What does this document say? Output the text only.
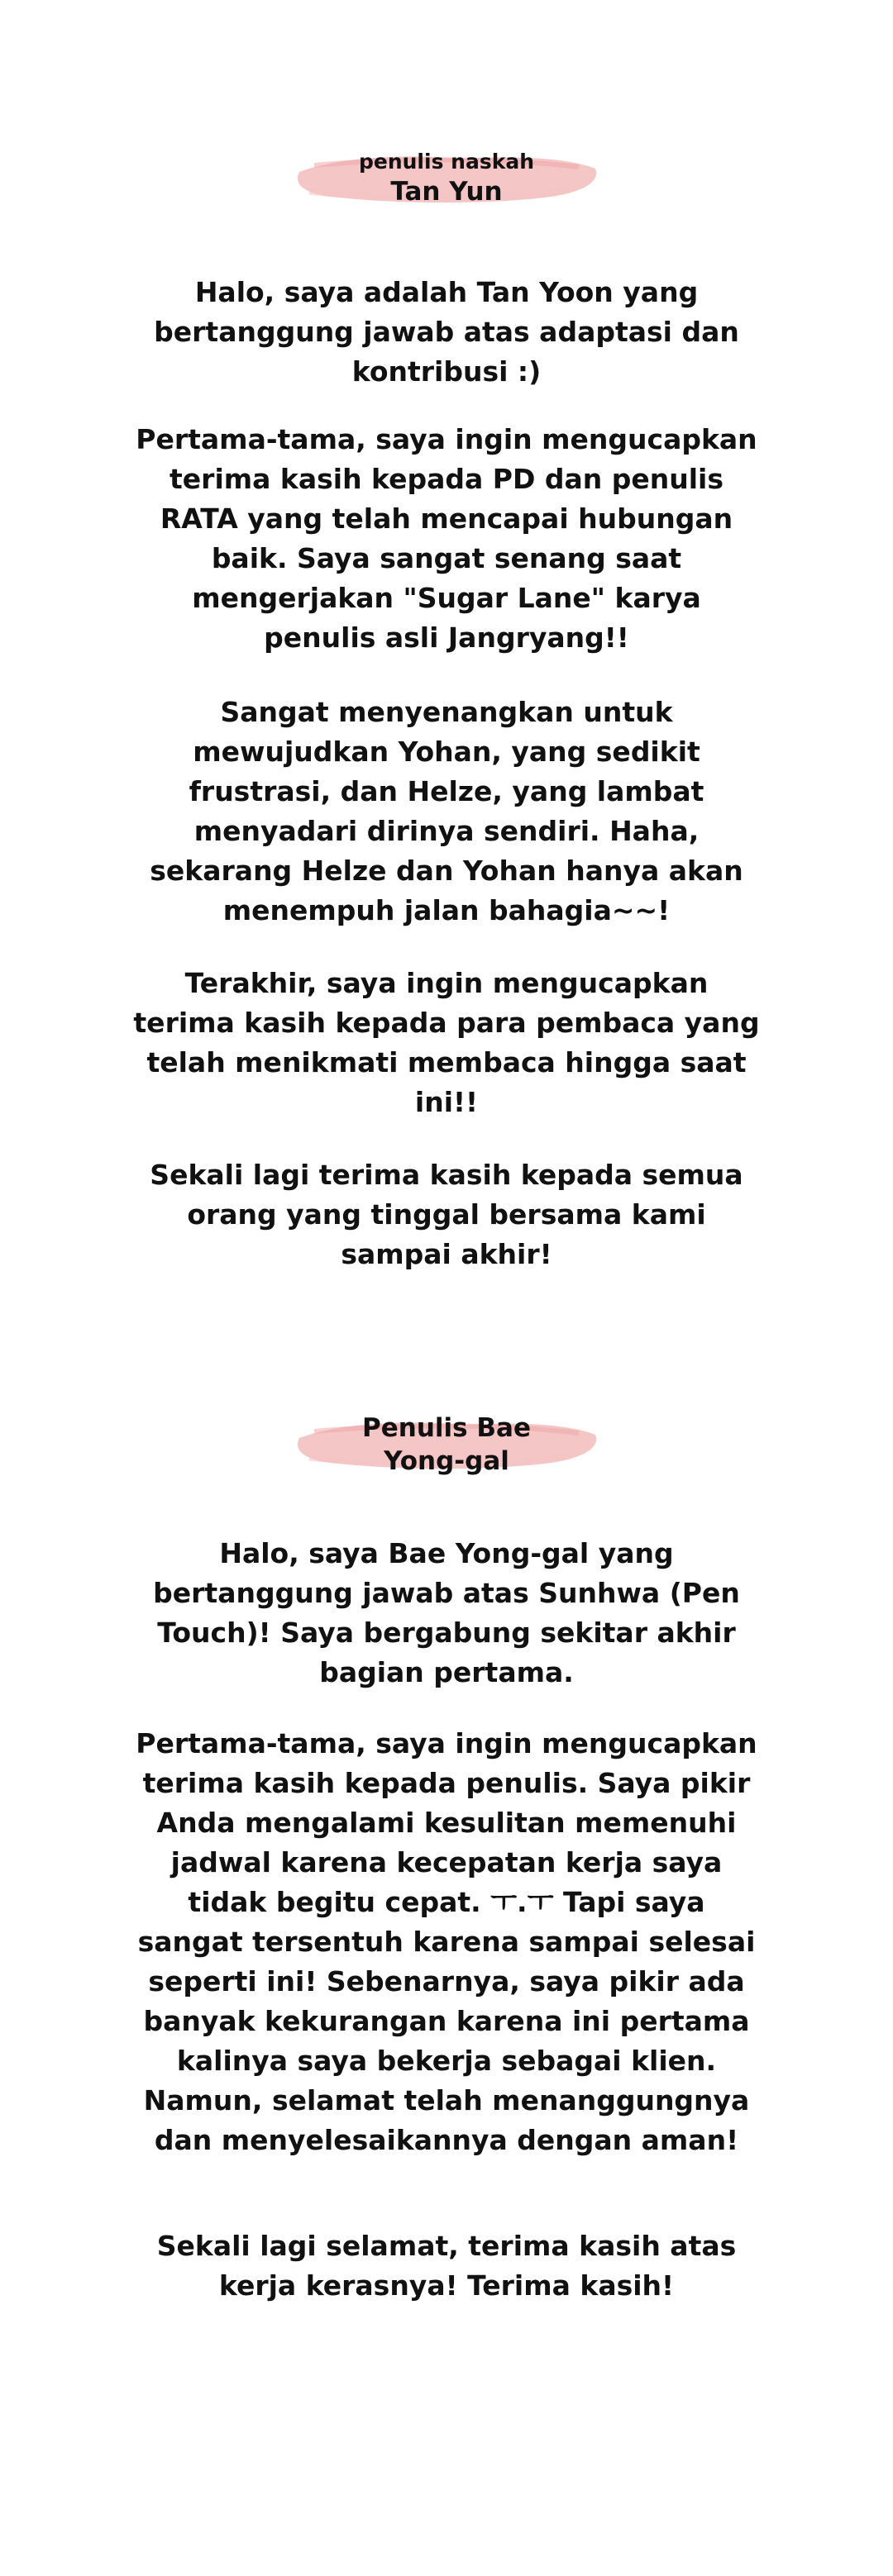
penulis naskah
Tan Yun

Halo, saya adalah Tan Yoon yang bertanggung jawab atas adaptasi dan kontribusi :)

Pertama-tama, saya ingin mengucapkan terima kasih kepada PD dan penulis RATA yang telah mencapai hubungan baik. Saya sangat senang saat mengerjakan "Sugar Lane" karya penulis asli Jangryang!!

Sangat menyenangkan untuk mewujudkan Yohan, yang sedikit frustrasi, dan Helze, yang lambat menyadari dirinya sendiri. Haha, sekarang Helze dan Yohan hanya akan menempuh jalan bahagia~~!

Terakhir, saya ingin mengucapkan terima kasih kepada para pembaca yang telah menikmati membaca hingga saat ini!!

Sekali lagi terima kasih kepada semua orang yang tinggal bersama kami sampai akhir!

Penulis Bae
Yong-gal

Halo, saya Bae Yong-gal yang bertanggung jawab atas Sunhwa (Pen Touch)! Saya bergabung sekitar akhir bagian pertama.

Pertama-tama, saya ingin mengucapkan terima kasih kepada penulis. Saya pikir Anda mengalami kesulitan memenuhi jadwal karena kecepatan kerja saya tidak begitu cepat. ㅜ.ㅜ Tapi saya sangat tersentuh karena sampai selesai seperti ini! Sebenarnya, saya pikir ada banyak kekurangan karena ini pertama kalinya saya bekerja sebagai klien. Namun, selamat telah menanggungnya dan menyelesaikannya dengan aman!

Sekali lagi selamat, terima kasih atas kerja kerasnya! Terima kasih!
